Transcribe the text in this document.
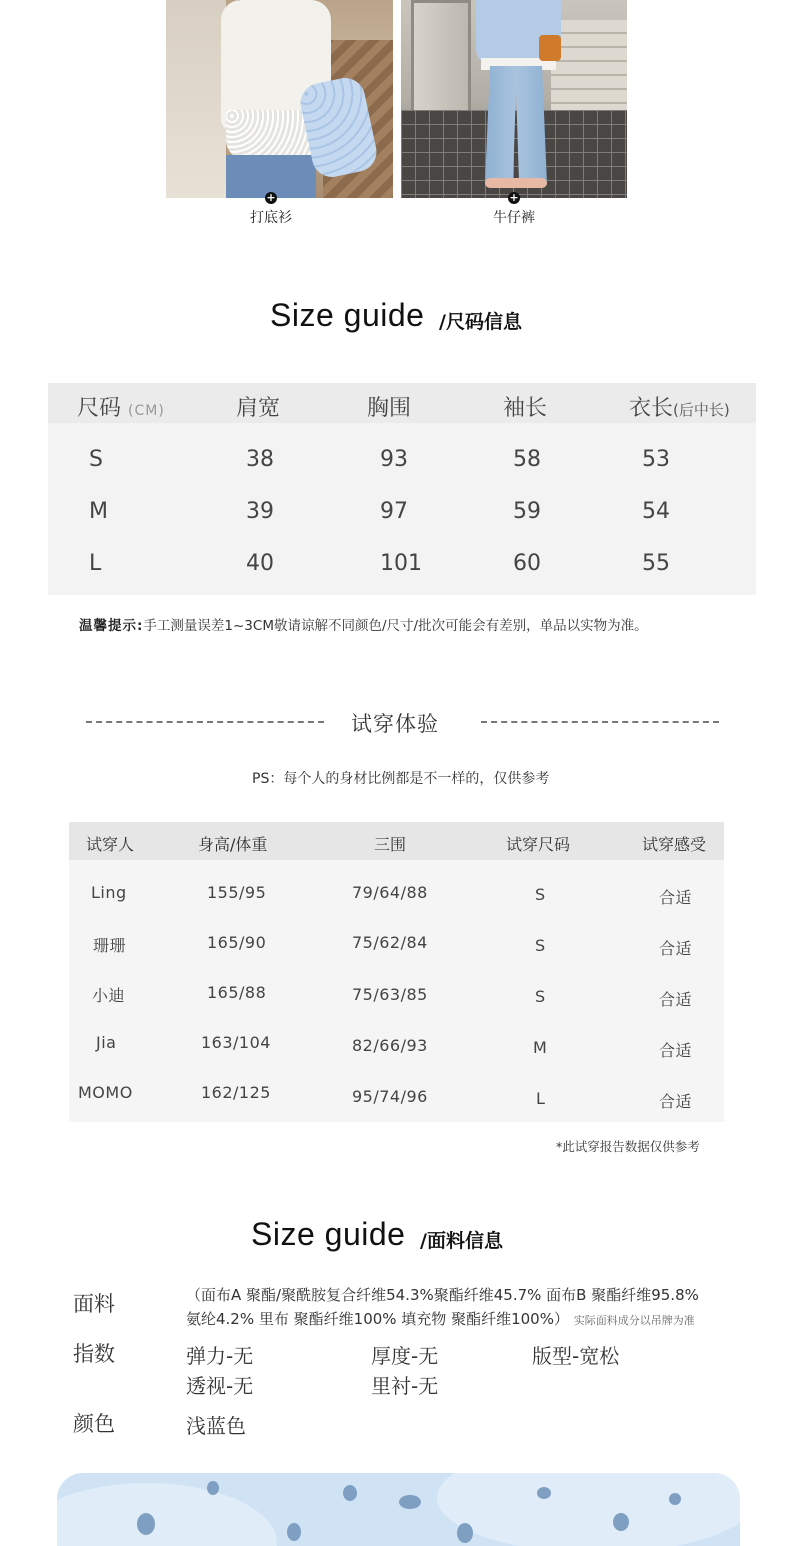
+	+
打底衫	牛仔裤
Size guide /尺码信息
尺码 (CM)	肩宽	胸围	袖长	衣长(后中长)
S	38	93	58	53
M	39	97	59	54
L	40	101	60	55
温馨提示:手工测量误差1~3CM敬请谅解不同颜色/尺寸/批次可能会有差别，单品以实物为准。
试穿体验
PS：每个人的身材比例都是不一样的，仅供参考
试穿人	身高/体重	三围	试穿尺码	试穿感受
Ling	155/95	79/64/88	S	合适
珊珊	165/90	75/62/84	S	合适
小迪	165/88	75/63/85	S	合适
Jia	163/104	82/66/93	M	合适
MOMO	162/125	95/74/96	L	合适
*此试穿报告数据仅供参考
Size guide /面料信息
面料	（面布A 聚酯/聚酰胺复合纤维54.3%聚酯纤维45.7% 面布B 聚酯纤维95.8%
氨纶4.2% 里布 聚酯纤维100% 填充物 聚酯纤维100%） 实际面料成分以吊牌为准
指数	弹力-无	厚度-无	版型-宽松
透视-无	里衬-无
颜色	浅蓝色
